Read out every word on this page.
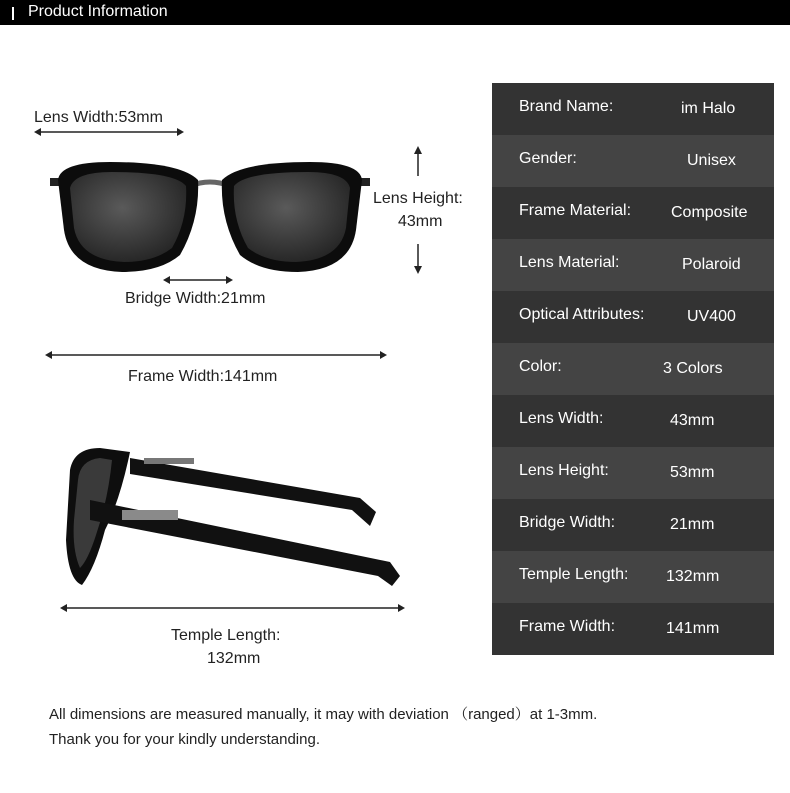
Product Information
Lens Width:53mm
Lens Height:
43mm
Bridge Width:21mm
Frame Width:141mm
Temple Length:
132mm
Brand Name:	im Halo
Gender:	Unisex
Frame Material: Composite
Lens Material:	Polaroid
Optical Attributes:	UV400
Color:	3 Colors
Lens Width:	43mm
Lens Height:	53mm
Bridge Width:	21mm
Temple Length: 132mm
Frame Width:	141mm
All dimensions are measured manually, it may with deviation （ranged）at 1-3mm.
Thank you for your kindly understanding.
